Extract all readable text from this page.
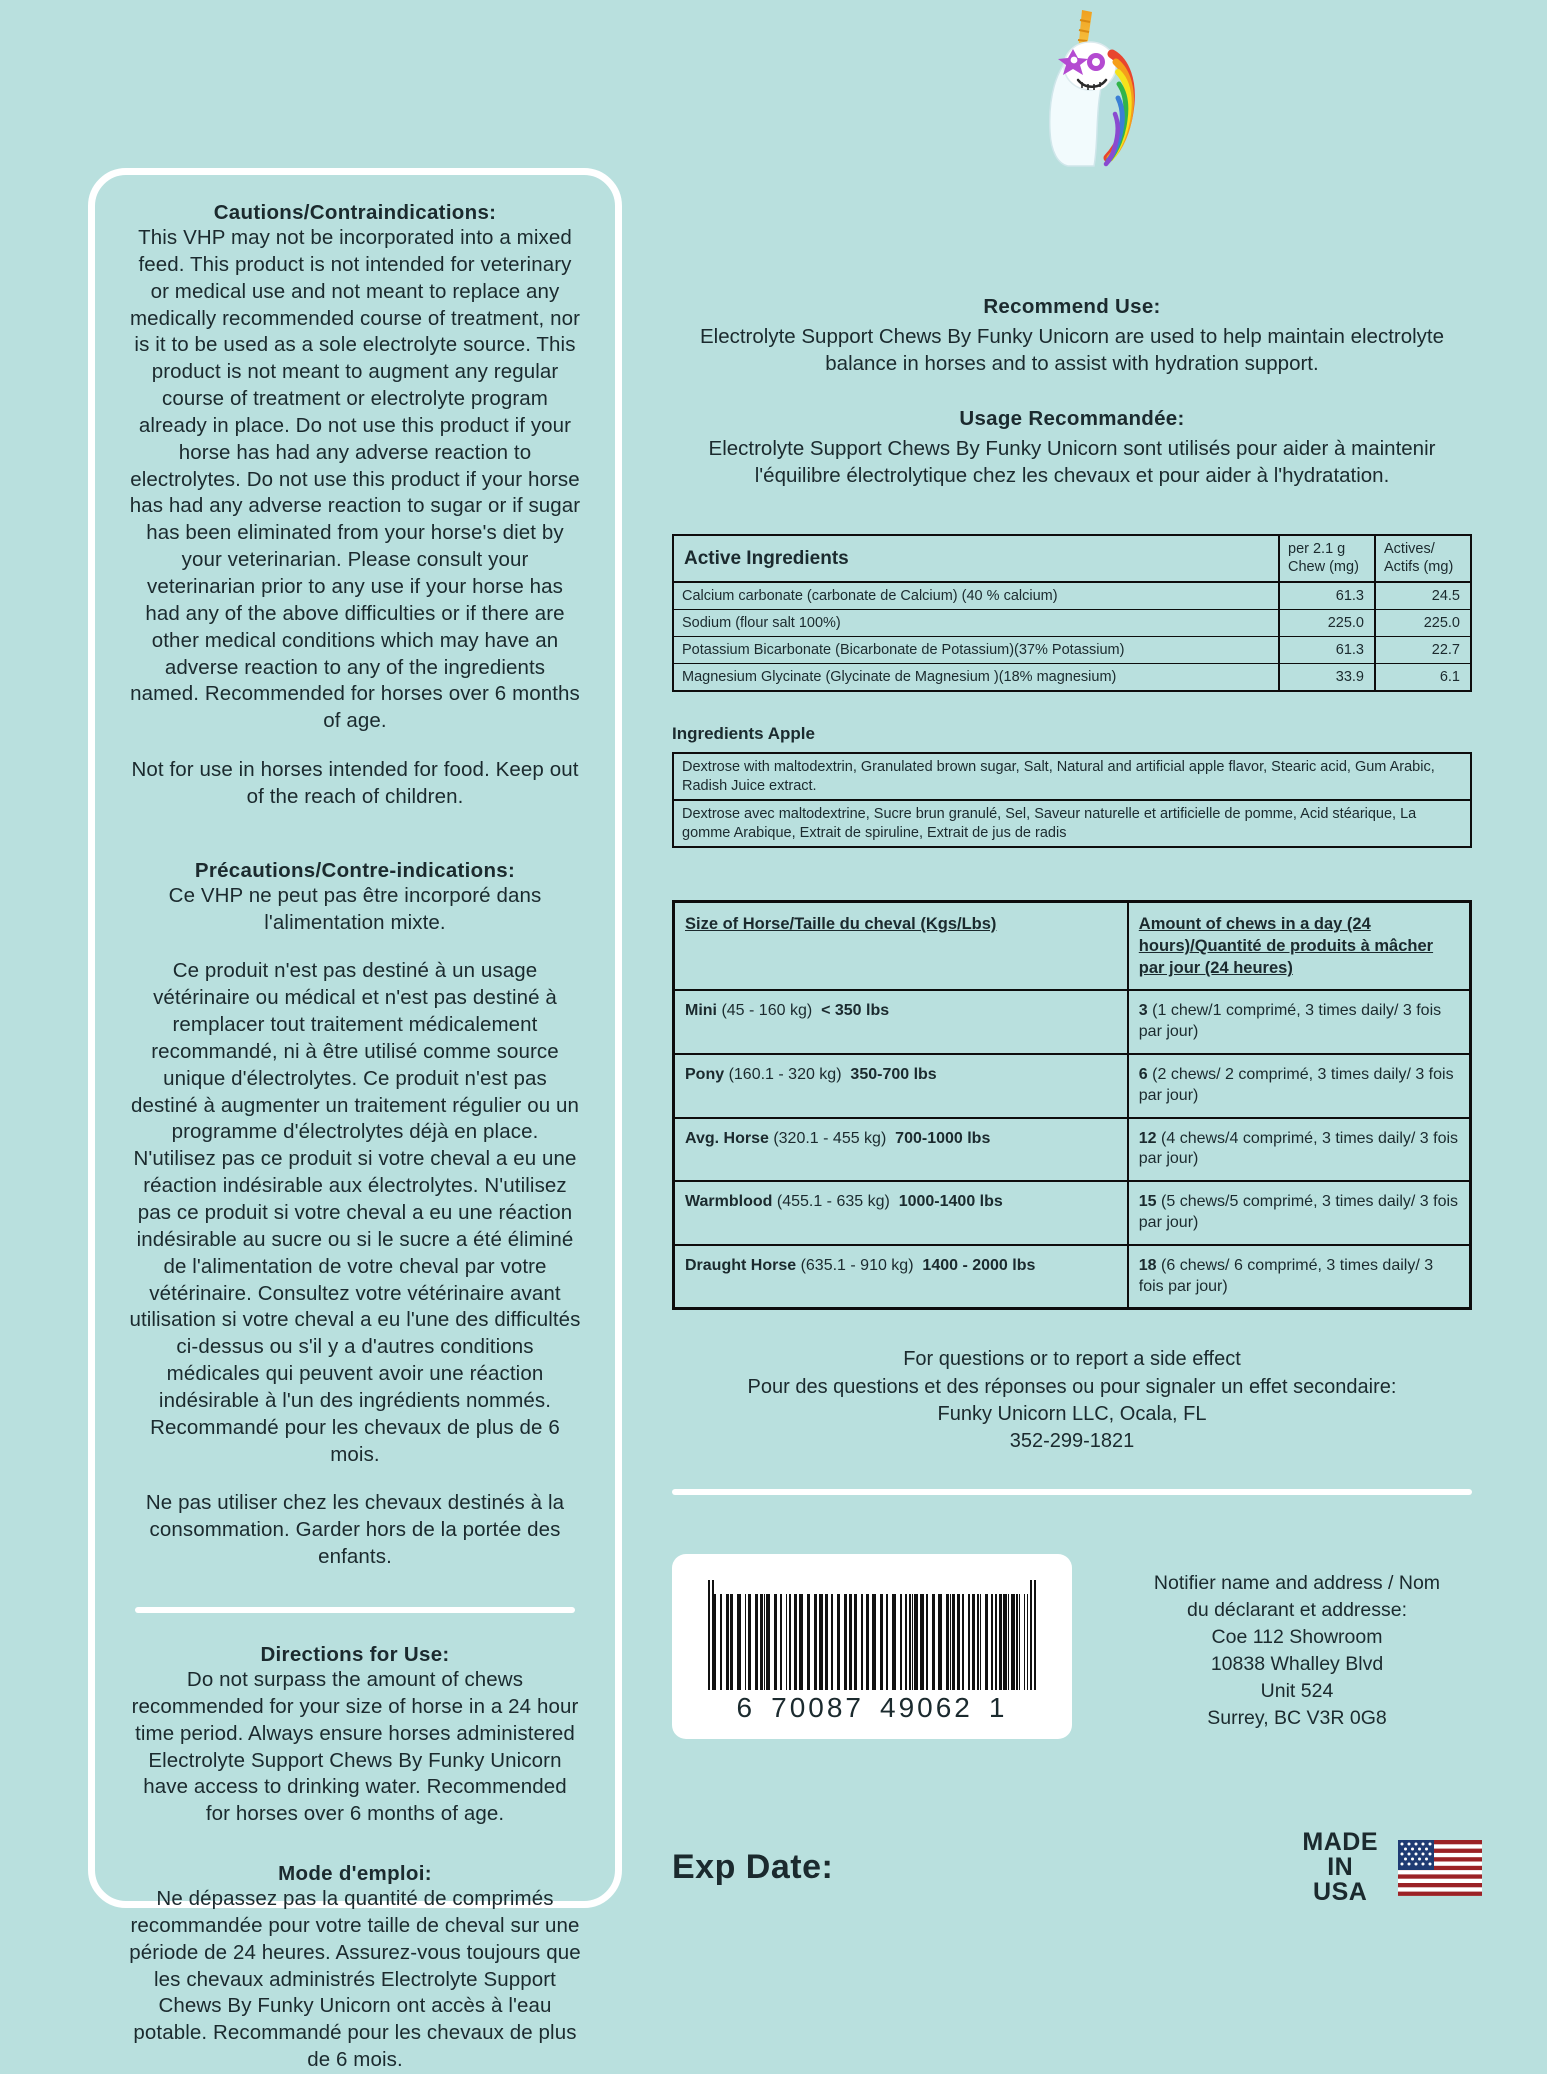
Cautions/Contraindications:

This VHP may not be incorporated into a mixed feed. This product is not intended for veterinary or medical use and not meant to replace any medically recommended course of treatment, nor is it to be used as a sole electrolyte source. This product is not meant to augment any regular course of treatment or electrolyte program already in place. Do not use this product if your horse has had any adverse reaction to electrolytes. Do not use this product if your horse has had any adverse reaction to sugar or if sugar has been eliminated from your horse's diet by your veterinarian. Please consult your veterinarian prior to any use if your horse has had any of the above difficulties or if there are other medical conditions which may have an adverse reaction to any of the ingredients named. Recommended for horses over 6 months of age.

Not for use in horses intended for food. Keep out of the reach of children.

Précautions/Contre-indications:

Ce VHP ne peut pas être incorporé dans l'alimentation mixte.

Ce produit n'est pas destiné à un usage vétérinaire ou médical et n'est pas destiné à remplacer tout traitement médicalement recommandé, ni à être utilisé comme source unique d'électrolytes. Ce produit n'est pas destiné à augmenter un traitement régulier ou un programme d'électrolytes déjà en place. N'utilisez pas ce produit si votre cheval a eu une réaction indésirable aux électrolytes. N'utilisez pas ce produit si votre cheval a eu une réaction indésirable au sucre ou si le sucre a été éliminé de l'alimentation de votre cheval par votre vétérinaire. Consultez votre vétérinaire avant utilisation si votre cheval a eu l'une des difficultés ci-dessus ou s'il y a d'autres conditions médicales qui peuvent avoir une réaction indésirable à l'un des ingrédients nommés. Recommandé pour les chevaux de plus de 6 mois.

Ne pas utiliser chez les chevaux destinés à la consommation. Garder hors de la portée des enfants.

Directions for Use:

Do not surpass the amount of chews recommended for your size of horse in a 24 hour time period. Always ensure horses administered Electrolyte Support Chews By Funky Unicorn have access to drinking water. Recommended for horses over 6 months of age.

Mode d'emploi:

Ne dépassez pas la quantité de comprimés recommandée pour votre taille de cheval sur une période de 24 heures. Assurez-vous toujours que les chevaux administrés Electrolyte Support Chews By Funky Unicorn ont accès à l'eau potable. Recommandé pour les chevaux de plus de 6 mois.

Recommend Use:
Electrolyte Support Chews By Funky Unicorn are used to help maintain electrolyte balance in horses and to assist with hydration support.
Usage Recommandée:
Electrolyte Support Chews By Funky Unicorn sont utilisés pour aider à maintenir l'équilibre électrolytique chez les chevaux et pour aider à l'hydratation.
Active Ingredients	per 2.1 g Chew (mg)	Actives/ Actifs (mg)
Calcium carbonate (carbonate de Calcium) (40 % calcium)	61.3	24.5
Sodium (flour salt 100%)	225.0	225.0
Potassium Bicarbonate (Bicarbonate de Potassium)(37% Potassium)	61.3	22.7
Magnesium Glycinate (Glycinate de Magnesium )(18% magnesium)	33.9	6.1
Ingredients Apple
Dextrose with maltodextrin, Granulated brown sugar, Salt, Natural and artificial apple flavor, Stearic acid, Gum Arabic, Radish Juice extract.
Dextrose avec maltodextrine, Sucre brun granulé, Sel, Saveur naturelle et artificielle de pomme, Acid stéarique, La gomme Arabique, Extrait de spiruline, Extrait de jus de radis
Size of Horse/Taille du cheval (Kgs/Lbs)	Amount of chews in a day (24 hours)/Quantité de produits à mâcher par jour (24 heures)
Mini (45 - 160 kg) < 350 lbs	3 (1 chew/1 comprimé, 3 times daily/ 3 fois par jour)
Pony (160.1 - 320 kg) 350-700 lbs	6 (2 chews/ 2 comprimé, 3 times daily/ 3 fois par jour)
Avg. Horse (320.1 - 455 kg) 700-1000 lbs	12 (4 chews/4 comprimé, 3 times daily/ 3 fois par jour)
Warmblood (455.1 - 635 kg) 1000-1400 lbs	15 (5 chews/5 comprimé, 3 times daily/ 3 fois par jour)
Draught Horse (635.1 - 910 kg) 1400 - 2000 lbs	18 (6 chews/ 6 comprimé, 3 times daily/ 3 fois par jour)
For questions or to report a side effect
Pour des questions et des réponses ou pour signaler un effet secondaire:
Funky Unicorn LLC, Ocala, FL
352-299-1821
6 70087 49062 1
Notifier name and address / Nom
du déclarant et addresse:
Coe 112 Showroom
10838 Whalley Blvd
Unit 524
Surrey, BC V3R 0G8
Exp Date:
MADE
IN
USA
